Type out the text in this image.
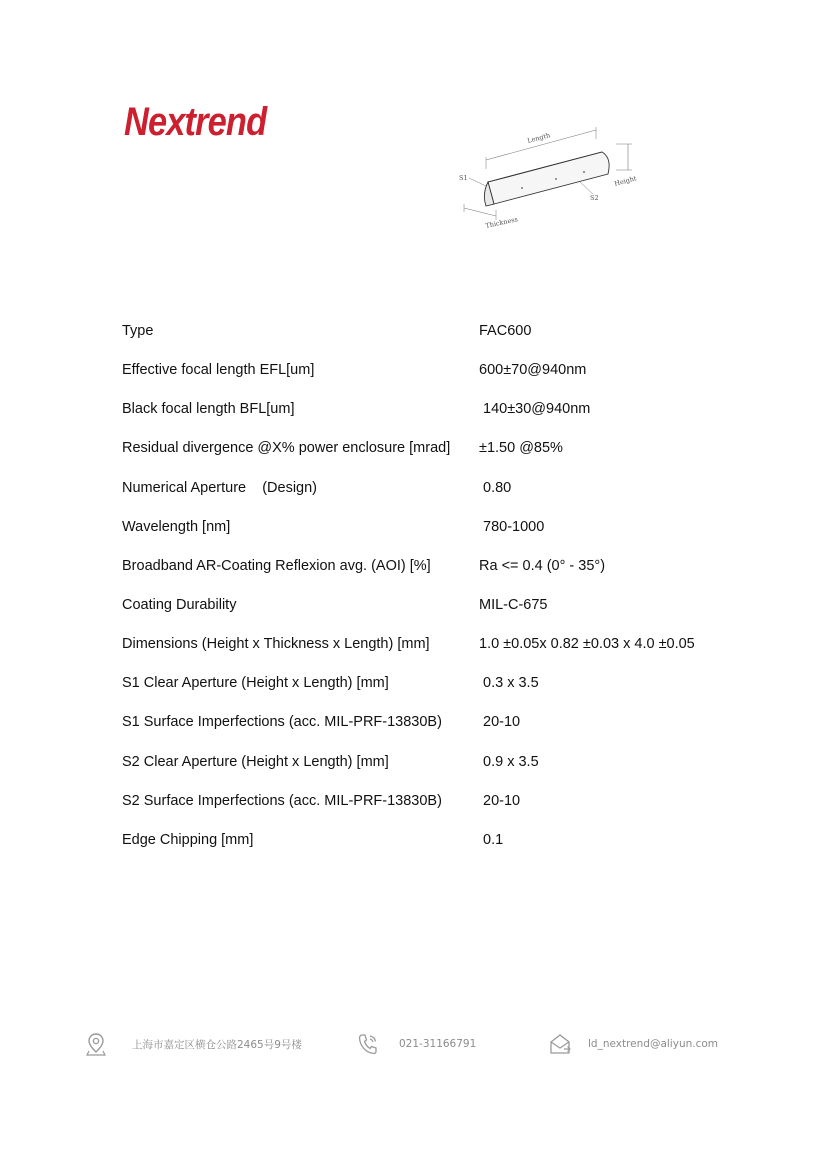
Nextrend	Length
Height
S1
S2
Thickness
Type	FAC600
Effective focal length EFL[um]	600±70@940nm
Black focal length BFL[um]	140±30@940nm
Residual divergence @X% power enclosure [mrad] ±1.50 @85%
Numerical Aperture    (Design)	0.80
Wavelength [nm]	780-1000
Broadband AR-Coating Reflexion avg. (AOI) [%]	Ra <= 0.4 (0° - 35°)
Coating Durability	MIL-C-675
Dimensions (Height x Thickness x Length) [mm]	1.0 ±0.05x 0.82 ±0.03 x 4.0 ±0.05
S1 Clear Aperture (Height x Length) [mm]	0.3 x 3.5
S1 Surface Imperfections (acc. MIL-PRF-13830B)	20-10
S2 Clear Aperture (Height x Length) [mm]	0.9 x 3.5
S2 Surface Imperfections (acc. MIL-PRF-13830B)	20-10
Edge Chipping [mm]	0.1
上海市嘉定区横仓公路2465号9号楼	021-31166791	ld_nextrend@aliyun.com
